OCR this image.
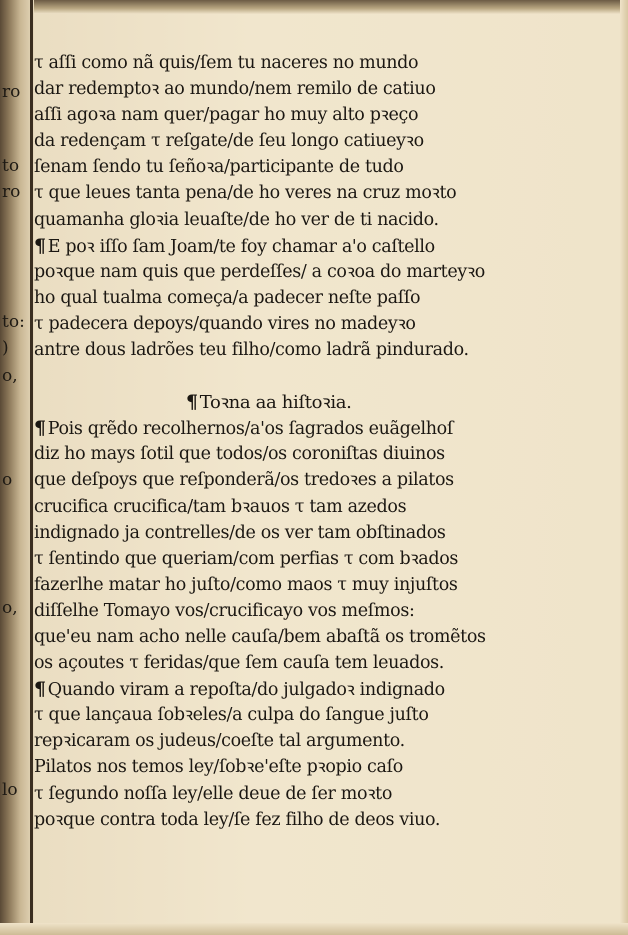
ro
to
ro
to:
)
o,
o
o,
lo
τ aſſi como nã quis/ſem tu naceres no mundo
dar redemptoꝛ ao mundo/nem remilo de catiuo
aſſi agoꝛa nam quer/pagar ho muy alto pꝛeço
da redençam τ reſgate/de ſeu longo catiueyꝛo
ſenam ſendo tu ſeñoꝛa/participante de tudo
τ que leues tanta pena/de ho veres na cruz moꝛto
quamanha gloꝛia leuaſte/de ho ver de ti nacido.
¶ E poꝛ iſſo ſam Joam/te foy chamar a'o caſtello
poꝛque nam quis que perdeſſes/ a coꝛoa do marteyꝛo
ho qual tualma começa/a padecer neſte paſſo
τ padecera depoys/quando vires no madeyꝛo
antre dous ladrões teu filho/como ladrã pindurado.
¶ Toꝛna aa hiſtoꝛia.
¶ Pois qrẽdo recolhernos/a'os ſagrados euãgelhoſ
diz ho mays ſotil que todos/os coroniſtas diuinos
que deſpoys que reſponderã/os tredoꝛes a pilatos
crucifica crucifica/tam bꝛauos τ tam azedos
indignado ja contrelles/de os ver tam obſtinados
τ ſentindo que queriam/com perfias τ com bꝛados
fazerlhe matar ho juſto/como maos τ muy injuſtos
diſſelhe Tomayo vos/crucificayo vos meſmos:
que'eu nam acho nelle cauſa/bem abaſtã os tromẽtos
os açoutes τ feridas/que ſem cauſa tem leuados.
¶ Quando viram a repoſta/do julgadoꝛ indignado
τ que lançaua ſobꝛeles/a culpa do ſangue juſto
repꝛicaram os judeus/coeſte tal argumento.
Pilatos nos temos ley/ſobꝛe'eſte pꝛopio caſo
τ ſegundo noſſa ley/elle deue de ſer moꝛto
poꝛque contra toda ley/ſe fez filho de deos viuo.
